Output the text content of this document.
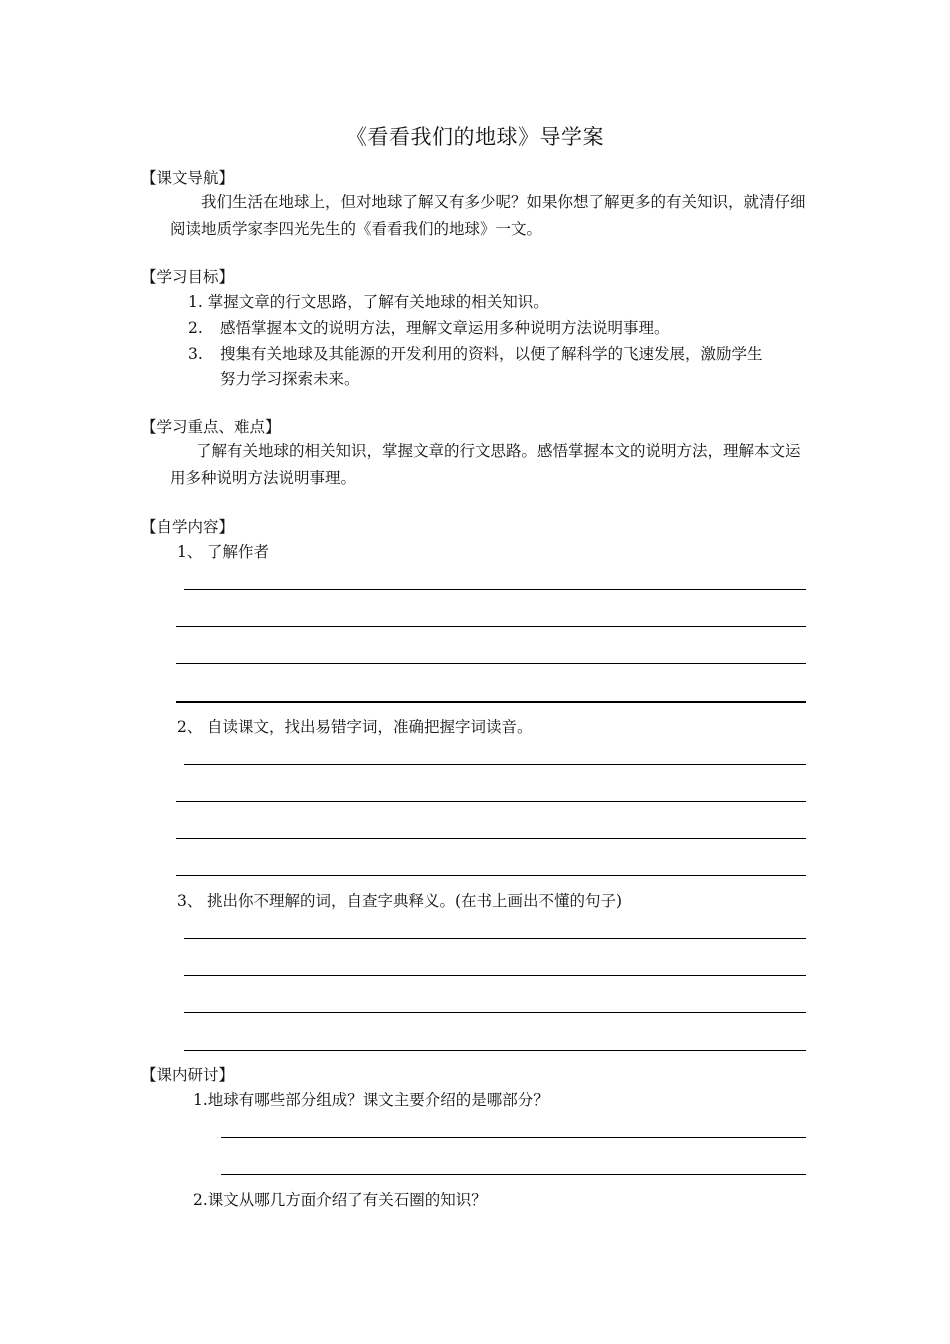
《看看我们的地球》导学案
【课文导航】
我们生活在地球上，但对地球了解又有多少呢？如果你想了解更多的有关知识，就清仔细阅读地质学家李四光先生的《看看我们的地球》一文。
【学习目标】
1. 掌握文章的行文思路，了解有关地球的相关知识。
2. 感悟掌握本文的说明方法，理解文章运用多种说明方法说明事理。
3. 搜集有关地球及其能源的开发利用的资料，以便了解科学的飞速发展，激励学生
努力学习探索未来。
【学习重点、难点】
了解有关地球的相关知识，掌握文章的行文思路。感悟掌握本文的说明方法，理解本文运用多种说明方法说明事理。
【自学内容】
1、 了解作者
2、 自读课文，找出易错字词，准确把握字词读音。
3、 挑出你不理解的词，自查字典释义。(在书上画出不懂的句子)
【课内研讨】
1.地球有哪些部分组成？课文主要介绍的是哪部分？
2.课文从哪几方面介绍了有关石圈的知识？
